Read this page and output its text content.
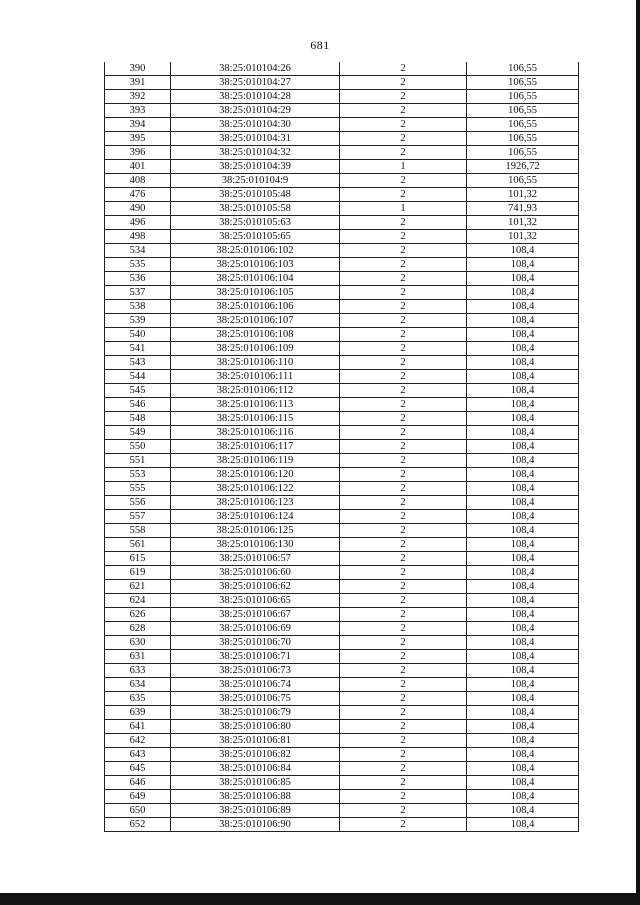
681
390	38:25:010104:26	2	106,55
391	38:25:010104:27	2	106,55
392	38:25:010104:28	2	106,55
393	38:25:010104:29	2	106,55
394	38:25:010104:30	2	106,55
395	38:25:010104:31	2	106,55
396	38:25:010104:32	2	106,55
401	38:25:010104:39	1	1926,72
408	38:25:010104:9	2	106,55
476	38:25:010105:48	2	101,32
490	38:25:010105:58	1	741,93
496	38:25:010105:63	2	101,32
498	38:25:010105:65	2	101,32
534	38:25:010106:102	2	108,4
535	38:25:010106:103	2	108,4
536	38:25:010106:104	2	108,4
537	38:25:010106:105	2	108,4
538	38:25:010106:106	2	108,4
539	38:25:010106:107	2	108,4
540	38:25:010106:108	2	108,4
541	38:25:010106:109	2	108,4
543	38:25:010106:110	2	108,4
544	38:25:010106:111	2	108,4
545	38:25:010106:112	2	108,4
546	38:25:010106:113	2	108,4
548	38:25:010106:115	2	108,4
549	38:25:010106:116	2	108,4
550	38:25:010106:117	2	108,4
551	38:25:010106:119	2	108,4
553	38:25:010106:120	2	108,4
555	38:25:010106:122	2	108,4
556	38:25:010106:123	2	108,4
557	38:25:010106:124	2	108,4
558	38:25:010106:125	2	108,4
561	38:25:010106:130	2	108,4
615	38:25:010106:57	2	108,4
619	38:25:010106:60	2	108,4
621	38:25:010106:62	2	108,4
624	38:25:010106:65	2	108,4
626	38:25:010106:67	2	108,4
628	38:25:010106:69	2	108,4
630	38:25:010106:70	2	108,4
631	38:25:010106:71	2	108,4
633	38:25:010106:73	2	108,4
634	38:25:010106:74	2	108,4
635	38:25:010106:75	2	108,4
639	38:25:010106:79	2	108,4
641	38:25:010106:80	2	108,4
642	38:25:010106:81	2	108,4
643	38:25:010106:82	2	108,4
645	38:25:010106:84	2	108,4
646	38:25:010106:85	2	108,4
649	38:25:010106:88	2	108,4
650	38:25:010106:89	2	108,4
652	38:25:010106:90	2	108,4
